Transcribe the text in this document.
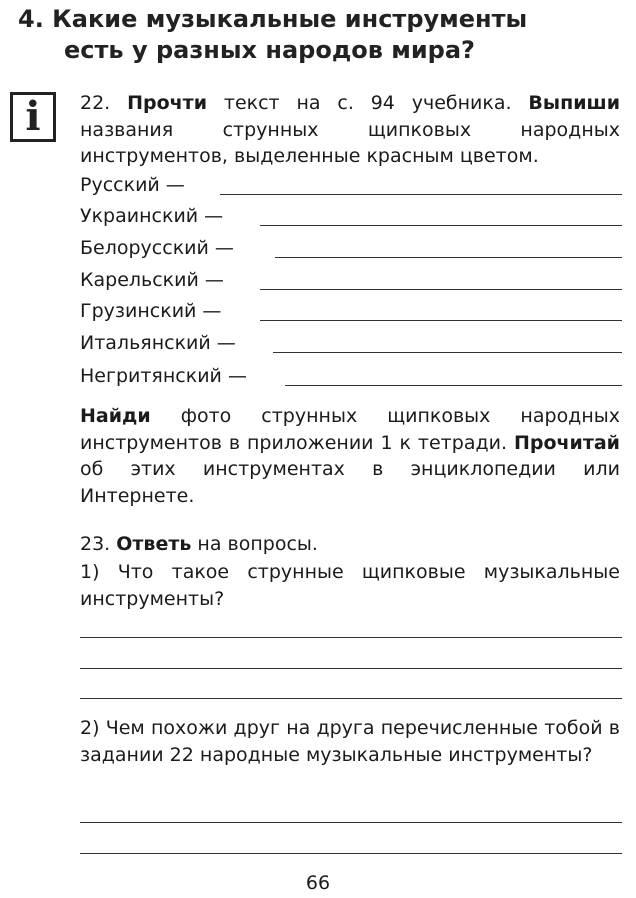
4. Какие музыкальные инструменты
есть у разных народов мира?
i 22. Прочти текст на с. 94 учебника. Выпиши названия струнных щипковых народных инструментов, выделенные красным цветом.
Русский —
Украинский —
Белорусский —
Карельский —
Грузинский —
Итальянский —
Негритянский —
Найди фото струнных щипковых народных инструментов в приложении 1 к тетради. Прочитай об этих инструментах в энциклопедии или Интернете.
23. Ответь на вопросы.
1) Что такое струнные щипковые музыкальные инструменты?
2) Чем похожи друг на друга перечисленные тобой в задании 22 народные музыкальные инструменты?
66
